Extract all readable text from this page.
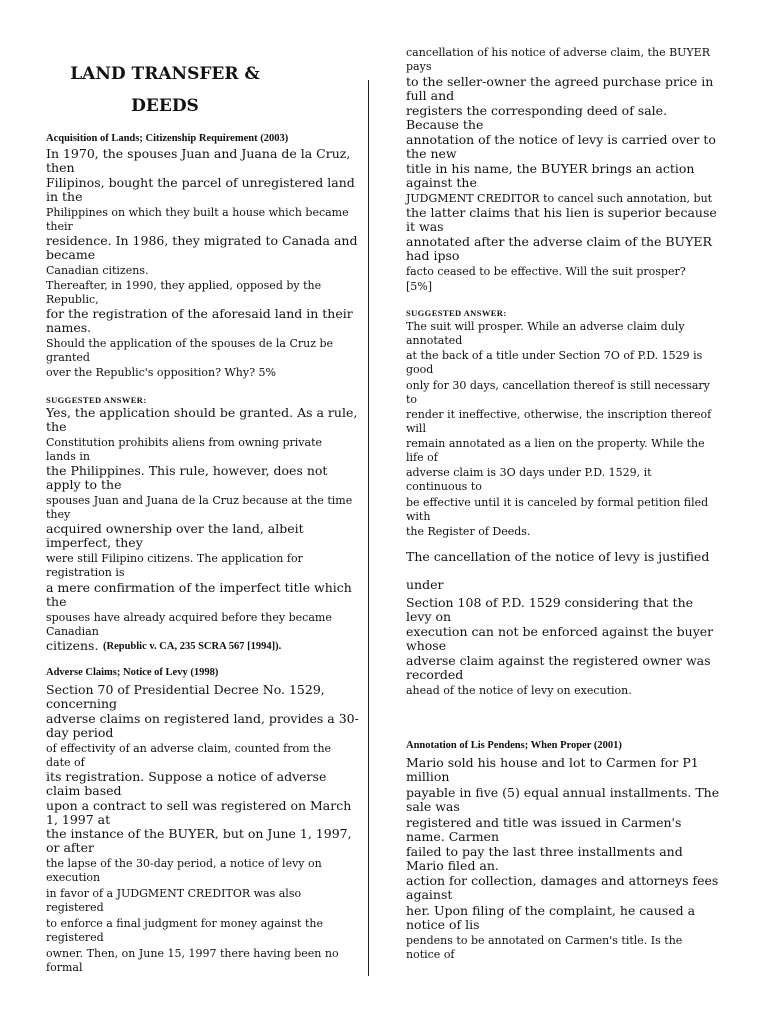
LAND TRANSFER &
DEEDS
Acquisition of Lands; Citizenship Requirement (2003)
In 1970, the spouses Juan and Juana de la Cruz,
then
Filipinos, bought the parcel of unregistered land
in the
Philippines on which they built a house which became
their
residence. In 1986, they migrated to Canada and
became
Canadian citizens.
Thereafter, in 1990, they applied, opposed by the
Republic,
for the registration of the aforesaid land in their
names.
Should the application of the spouses de la Cruz be
granted
over the Republic's opposition? Why? 5%
SUGGESTED ANSWER:
Yes, the application should be granted. As a rule,
the
Constitution prohibits aliens from owning private
lands in
the Philippines. This rule, however, does not
apply to the
spouses Juan and Juana de la Cruz because at the time
they
acquired ownership over the land, albeit
imperfect, they
were still Filipino citizens. The application for
registration is
a mere confirmation of the imperfect title which
the
spouses have already acquired before they became
Canadian
citizens.
Adverse Claims; Notice of Levy (1998)
Section 70 of Presidential Decree No. 1529,
concerning
adverse claims on registered land, provides a 30-
day period
of effectivity of an adverse claim, counted from the
date of
its registration. Suppose a notice of adverse
claim based
upon a contract to sell was registered on March
1, 1997 at
the instance of the BUYER, but on June 1, 1997,
or after
the lapse of the 30-day period, a notice of levy on
execution
in favor of a JUDGMENT CREDITOR was also
registered
to enforce a final judgment for money against the
registered
owner. Then, on June 15, 1997 there having been no
formal
(Republic v. CA, 235 SCRA 567 [1994]).
cancellation of his notice of adverse claim, the BUYER
pays
to the seller-owner the agreed purchase price in
full and
registers the corresponding deed of sale.
Because the
annotation of the notice of levy is carried over to
the new
title in his name, the BUYER brings an action
against the
JUDGMENT CREDITOR to cancel such annotation, but
the latter claims that his lien is superior because
it was
annotated after the adverse claim of the BUYER
had ipso
facto ceased to be effective. Will the suit prosper?
[5%]
SUGGESTED ANSWER:
The suit will prosper. While an adverse claim duly
annotated
at the back of a title under Section 7O of P.D. 1529 is
good
only for 30 days, cancellation thereof is still necessary
to
render it ineffective, otherwise, the inscription thereof
will
remain annotated as a lien on the property. While the
life of
adverse claim is 3O days under P.D. 1529, it
continuous to
be effective until it is canceled by formal petition filed
with
the Register of Deeds.
The cancellation of the notice of levy is justified
under
Section 108 of P.D. 1529 considering that the
levy on
execution can not be enforced against the buyer
whose
adverse claim against the registered owner was
recorded
ahead of the notice of levy on execution.
Annotation of Lis Pendens; When Proper (2001)
Mario sold his house and lot to Carmen for P1
million
payable in five (5) equal annual installments. The
sale was
registered and title was issued in Carmen's
name. Carmen
failed to pay the last three installments and
Mario filed an.
action for collection, damages and attorneys fees
against
her. Upon filing of the complaint, he caused a
notice of lis
pendens to be annotated on Carmen's title. Is the
notice of
